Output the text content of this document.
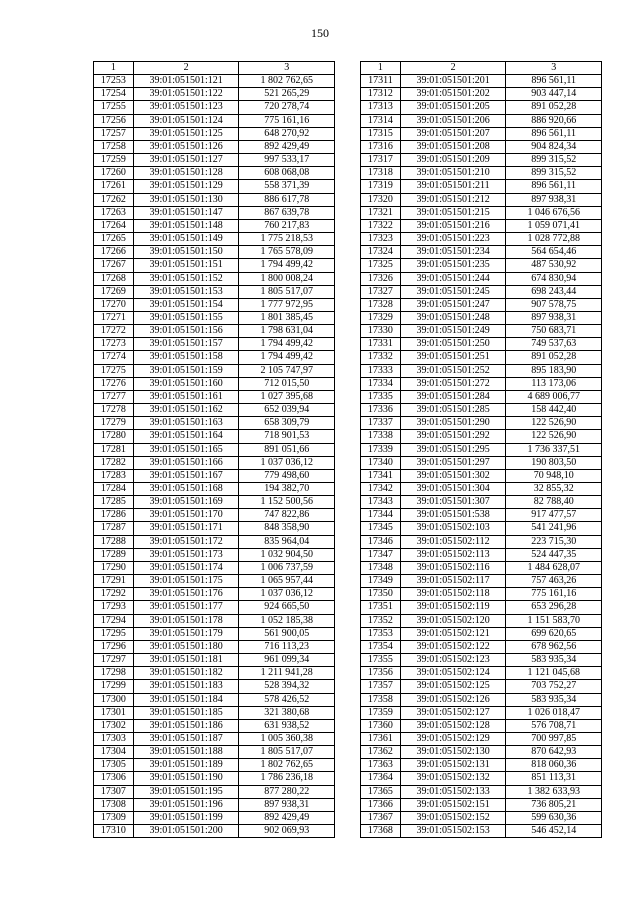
150
1	2	3
17253	39:01:051501:121	1 802 762,65
17254	39:01:051501:122	521 265,29
17255	39:01:051501:123	720 278,74
17256	39:01:051501:124	775 161,16
17257	39:01:051501:125	648 270,92
17258	39:01:051501:126	892 429,49
17259	39:01:051501:127	997 533,17
17260	39:01:051501:128	608 068,08
17261	39:01:051501:129	558 371,39
17262	39:01:051501:130	886 617,78
17263	39:01:051501:147	867 639,78
17264	39:01:051501:148	760 217,83
17265	39:01:051501:149	1 775 218,53
17266	39:01:051501:150	1 765 578,09
17267	39:01:051501:151	1 794 499,42
17268	39:01:051501:152	1 800 008,24
17269	39:01:051501:153	1 805 517,07
17270	39:01:051501:154	1 777 972,95
17271	39:01:051501:155	1 801 385,45
17272	39:01:051501:156	1 798 631,04
17273	39:01:051501:157	1 794 499,42
17274	39:01:051501:158	1 794 499,42
17275	39:01:051501:159	2 105 747,97
17276	39:01:051501:160	712 015,50
17277	39:01:051501:161	1 027 395,68
17278	39:01:051501:162	652 039,94
17279	39:01:051501:163	658 309,79
17280	39:01:051501:164	718 901,53
17281	39:01:051501:165	891 051,66
17282	39:01:051501:166	1 037 036,12
17283	39:01:051501:167	779 498,60
17284	39:01:051501:168	194 382,70
17285	39:01:051501:169	1 152 500,56
17286	39:01:051501:170	747 822,86
17287	39:01:051501:171	848 358,90
17288	39:01:051501:172	835 964,04
17289	39:01:051501:173	1 032 904,50
17290	39:01:051501:174	1 006 737,59
17291	39:01:051501:175	1 065 957,44
17292	39:01:051501:176	1 037 036,12
17293	39:01:051501:177	924 665,50
17294	39:01:051501:178	1 052 185,38
17295	39:01:051501:179	561 900,05
17296	39:01:051501:180	716 113,23
17297	39:01:051501:181	961 099,34
17298	39:01:051501:182	1 211 941,28
17299	39:01:051501:183	528 394,32
17300	39:01:051501:184	578 426,52
17301	39:01:051501:185	321 380,68
17302	39:01:051501:186	631 938,52
17303	39:01:051501:187	1 005 360,38
17304	39:01:051501:188	1 805 517,07
17305	39:01:051501:189	1 802 762,65
17306	39:01:051501:190	1 786 236,18
17307	39:01:051501:195	877 280,22
17308	39:01:051501:196	897 938,31
17309	39:01:051501:199	892 429,49
17310	39:01:051501:200	902 069,93
1	2	3
17311	39:01:051501:201	896 561,11
17312	39:01:051501:202	903 447,14
17313	39:01:051501:205	891 052,28
17314	39:01:051501:206	886 920,66
17315	39:01:051501:207	896 561,11
17316	39:01:051501:208	904 824,34
17317	39:01:051501:209	899 315,52
17318	39:01:051501:210	899 315,52
17319	39:01:051501:211	896 561,11
17320	39:01:051501:212	897 938,31
17321	39:01:051501:215	1 046 676,56
17322	39:01:051501:216	1 059 071,41
17323	39:01:051501:223	1 028 772,88
17324	39:01:051501:234	564 654,46
17325	39:01:051501:235	487 530,92
17326	39:01:051501:244	674 830,94
17327	39:01:051501:245	698 243,44
17328	39:01:051501:247	907 578,75
17329	39:01:051501:248	897 938,31
17330	39:01:051501:249	750 683,71
17331	39:01:051501:250	749 537,63
17332	39:01:051501:251	891 052,28
17333	39:01:051501:252	895 183,90
17334	39:01:051501:272	113 173,06
17335	39:01:051501:284	4 689 006,77
17336	39:01:051501:285	158 442,40
17337	39:01:051501:290	122 526,90
17338	39:01:051501:292	122 526,90
17339	39:01:051501:295	1 736 337,51
17340	39:01:051501:297	190 803,50
17341	39:01:051501:302	70 948,10
17342	39:01:051501:304	32 855,32
17343	39:01:051501:307	82 788,40
17344	39:01:051501:538	917 477,57
17345	39:01:051502:103	541 241,96
17346	39:01:051502:112	223 715,30
17347	39:01:051502:113	524 447,35
17348	39:01:051502:116	1 484 628,07
17349	39:01:051502:117	757 463,26
17350	39:01:051502:118	775 161,16
17351	39:01:051502:119	653 296,28
17352	39:01:051502:120	1 151 583,70
17353	39:01:051502:121	699 620,65
17354	39:01:051502:122	678 962,56
17355	39:01:051502:123	583 935,34
17356	39:01:051502:124	1 121 045,68
17357	39:01:051502:125	703 752,27
17358	39:01:051502:126	583 935,34
17359	39:01:051502:127	1 026 018,47
17360	39:01:051502:128	576 708,71
17361	39:01:051502:129	700 997,85
17362	39:01:051502:130	870 642,93
17363	39:01:051502:131	818 060,36
17364	39:01:051502:132	851 113,31
17365	39:01:051502:133	1 382 633,93
17366	39:01:051502:151	736 805,21
17367	39:01:051502:152	599 630,36
17368	39:01:051502:153	546 452,14
